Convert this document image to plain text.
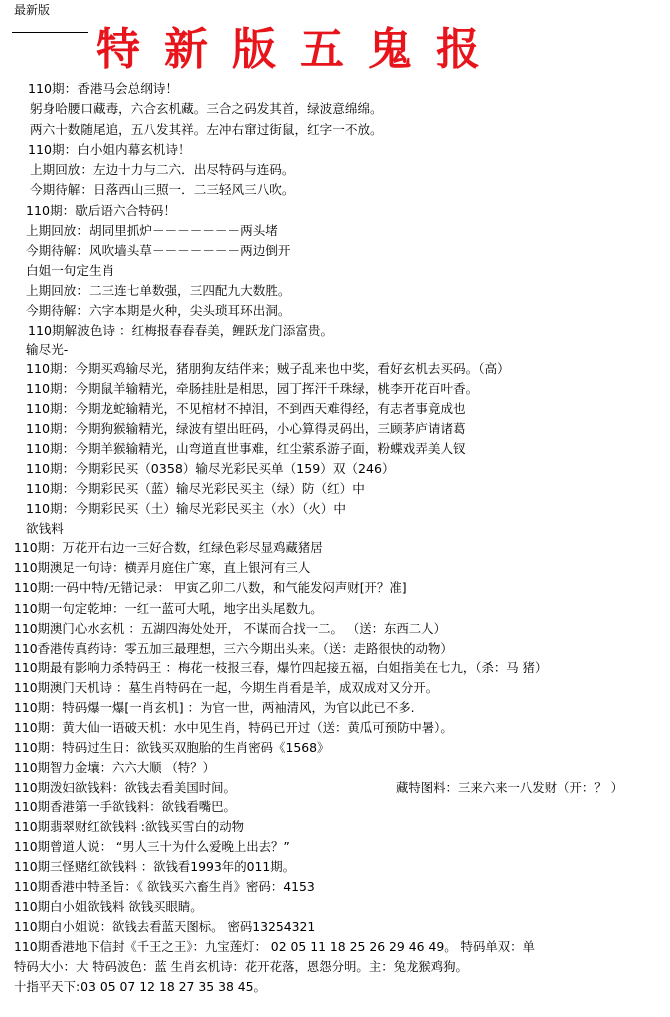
最新版
特新版五鬼报
110期：香港马会总纲诗！
躬身哈腰口藏毒，六合玄机藏。三合之码发其首，绿波意绵绵。
两六十数随尾追，五八发其祥。左冲右窜过街鼠，红字一不放。
110期：白小姐内幕玄机诗！
上期回放：左边十力与二六．出尽特码与连码。
今期待解：日落西山三照一．二三轻风三八吹。
110期：歇后语六合特码！
上期回放：胡同里抓炉－－－－－－－两头堵
今期待解：风吹墙头草－－－－－－－两边倒开
白姐一句定生肖
上期回放：二三连七单数强，三四配九大数胜。
今期待解：六字本期是火种，尖头琐耳环出洞。
110期解波色诗 ：红梅报春春春美，鲤跃龙门添富贵。
输尽光-
110期：今期买鸡输尽光，猪朋狗友结伴来；贼子乱来也中奖，看好玄机去买码。（高）
110期：今期鼠羊输精光，牵肠挂肚是相思，园丁挥汗千珠绿，桃李开花百叶香。
110期：今期龙蛇输精光，不见棺材不掉泪，不到西天难得经，有志者事竟成也
110期：今期狗猴输精光，绿波有望出旺码，小心算得灵码出，三顾茅庐请诸葛
110期：今期羊猴输精光，山弯道直世事难，红尘萦系游子面，粉蝶戏弄美人钗
110期：今期彩民买（0358）输尽光彩民买单（159）双（246）
110期：今期彩民买（蓝）输尽光彩民买主（绿）防（红）中
110期：今期彩民买（土）输尽光彩民买主（水）（火）中
欲钱料
110期：万花开右边一三好合数，红绿色彩尽显鸡藏猪居
110期澳足一句诗：横弄月庭住广寒，直上银河有三人
110期:一码中特/无错记录： 甲寅乙卯二八数，和气能发闷声财[开？准]
110期一句定乾坤：一红一蓝可大吼，地字出头尾数九。
110期澳门心水玄机 ：五湖四海处处开， 不谋而合找一二。 （送：东西二人）
110香港传真药诗：零五加三最理想，三六今期出头来。（送：走路很快的动物）
110期最有影响力杀特码王 ：梅花一枝报三春，爆竹四起接五福，白姐指美在七九，（杀：马 猪）
110期澳门天机诗 ：墓生肖特码在一起，今期生肖看是羊，成双成对又分开。
110期：特码爆一爆[一肖玄机] ：为官一世，两袖清风，为官以此已不多.
110期：黄大仙一语破天机：水中见生肖，特码已开过（送：黄瓜可预防中暑）。
110期：特码过生日：欲钱买双胞胎的生肖密码《1568》
110期智力金壤：六六大顺 （特？）
110期泼妇欲钱料：欲钱去看美国时间。	藏特图料：三来六来一八发财（开：？ ）
110期香港第一手欲钱料：欲钱看嘴巴。
110期翡翠财红欲钱料 :欲钱买雪白的动物
110期曾道人说： “男人三十为什么爱晚上出去？”
110期三怪赌红欲钱料 ：欲钱看1993年的011期。
110期香港中特圣旨：《 欲钱买六畜生肖》密码：4153
110期白小姐欲钱料 欲钱买眼睛。
110期白小姐说：欲钱去看蓝天图标。 密码13254321
110期香港地下信封《千王之王》：九宝莲灯： 02 05 11 18 25 26 29 46 49。 特码单双：单
特码大小：大 特码波色：蓝 生肖玄机诗：花开花落，恩怨分明。主：兔龙猴鸡狗。
十指平天下:03 05 07 12 18 27 35 38 45。
